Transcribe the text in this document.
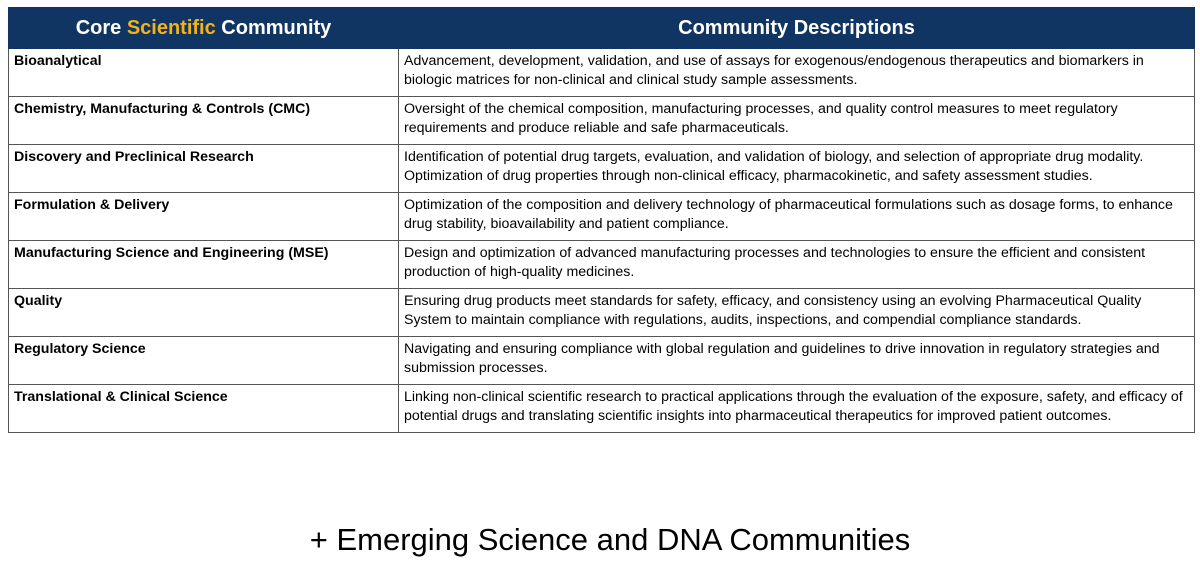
Core Scientific Community	Community Descriptions
Bioanalytical	Advancement, development, validation, and use of assays for exogenous/endogenous therapeutics and biomarkers in biologic matrices for non-clinical and clinical study sample assessments.
Chemistry, Manufacturing & Controls (CMC)	Oversight of the chemical composition, manufacturing processes, and quality control measures to meet regulatory requirements and produce reliable and safe pharmaceuticals.
Discovery and Preclinical Research	Identification of potential drug targets, evaluation, and validation of biology, and selection of appropriate drug modality. Optimization of drug properties through non-clinical efficacy, pharmacokinetic, and safety assessment studies.
Formulation & Delivery	Optimization of the composition and delivery technology of pharmaceutical formulations such as dosage forms, to enhance drug stability, bioavailability and patient compliance.
Manufacturing Science and Engineering (MSE)	Design and optimization of advanced manufacturing processes and technologies to ensure the efficient and consistent production of high-quality medicines.
Quality	Ensuring drug products meet standards for safety, efficacy, and consistency using an evolving Pharmaceutical Quality System to maintain compliance with regulations, audits, inspections, and compendial compliance standards.
Regulatory Science	Navigating and ensuring compliance with global regulation and guidelines to drive innovation in regulatory strategies and submission processes.
Translational & Clinical Science	Linking non-clinical scientific research to practical applications through the evaluation of the exposure, safety, and efficacy of potential drugs and translating scientific insights into pharmaceutical therapeutics for improved patient outcomes.
+ Emerging Science and DNA Communities
